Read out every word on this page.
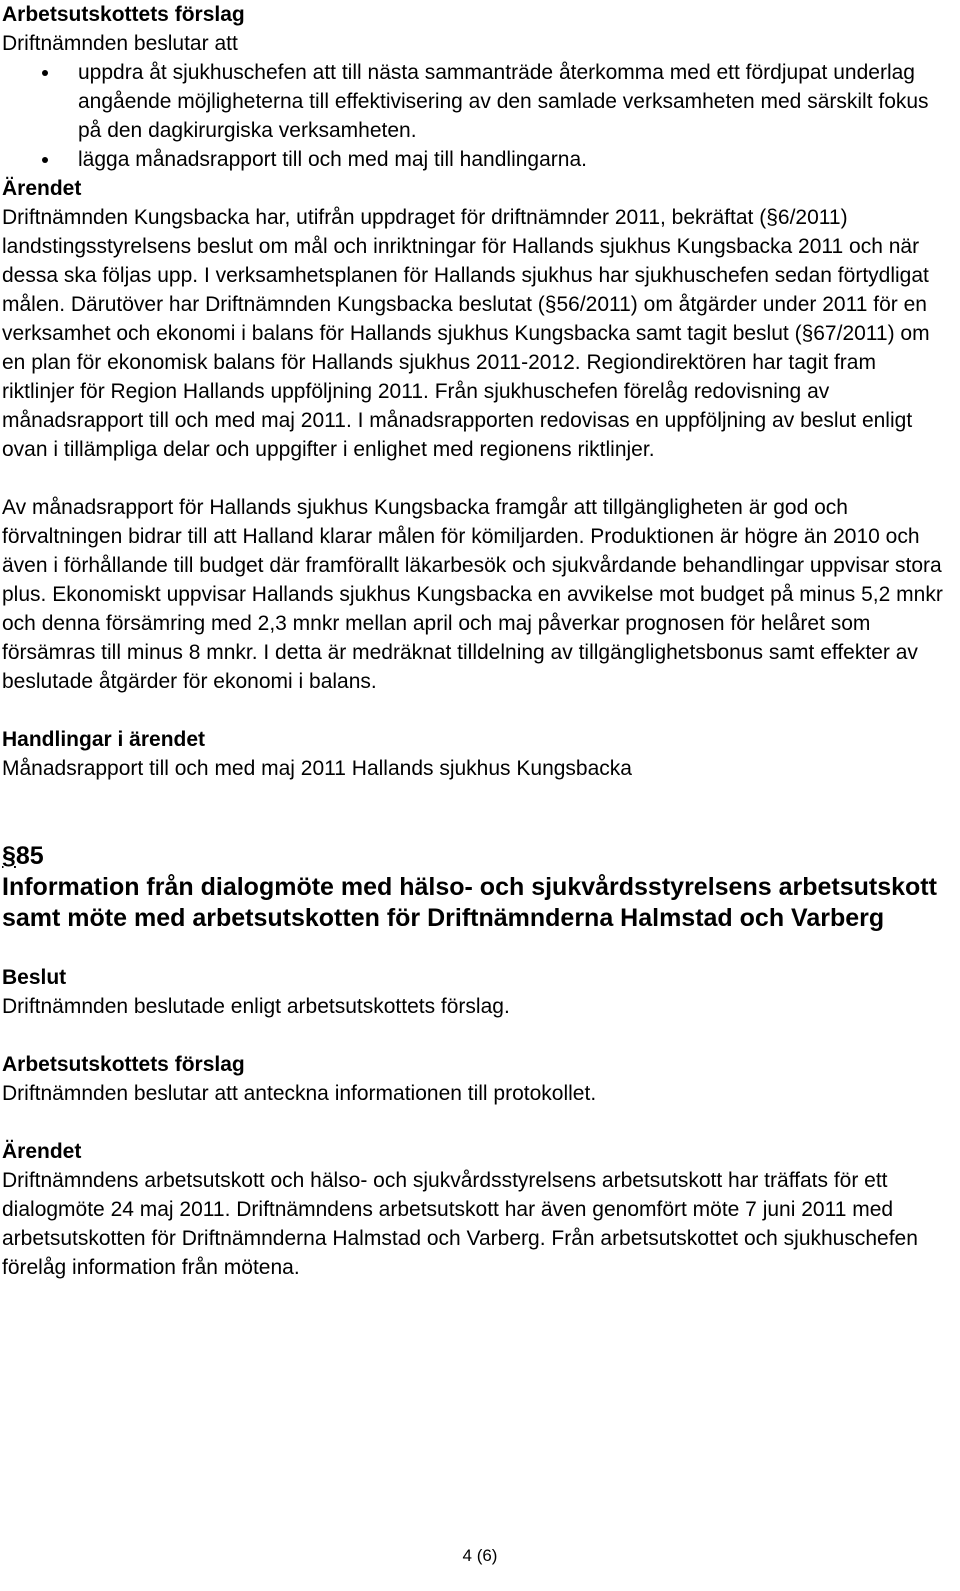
Arbetsutskottets förslag

Driftnämnden beslutar att

uppdra åt sjukhuschefen att till nästa sammanträde återkomma med ett fördjupat underlag angående möjligheterna till effektivisering av den samlade verksamheten med särskilt fokus på den dagkirurgiska verksamheten.
lägga månadsrapport till och med maj till handlingarna.
Ärendet

Driftnämnden Kungsbacka har, utifrån uppdraget för driftnämnder 2011, bekräftat (§6/2011) landstingsstyrelsens beslut om mål och inriktningar för Hallands sjukhus Kungsbacka 2011 och när dessa ska följas upp. I verksamhetsplanen för Hallands sjukhus har sjukhuschefen sedan förtydligat målen. Därutöver har Driftnämnden Kungsbacka beslutat (§56/2011) om åtgärder under 2011 för en verksamhet och ekonomi i balans för Hallands sjukhus Kungsbacka samt tagit beslut (§67/2011) om en plan för ekonomisk balans för Hallands sjukhus 2011-2012. Regiondirektören har tagit fram riktlinjer för Region Hallands uppföljning 2011. Från sjukhuschefen förelåg redovisning av månadsrapport till och med maj 2011. I månadsrapporten redovisas en uppföljning av beslut enligt ovan i tillämpliga delar och uppgifter i enlighet med regionens riktlinjer.

Av månadsrapport för Hallands sjukhus Kungsbacka framgår att tillgängligheten är god och förvaltningen bidrar till att Halland klarar målen för kömiljarden. Produktionen är högre än 2010 och även i förhållande till budget där framförallt läkarbesök och sjukvårdande behandlingar uppvisar stora plus. Ekonomiskt uppvisar Hallands sjukhus Kungsbacka en avvikelse mot budget på minus 5,2 mnkr och denna försämring med 2,3 mnkr mellan april och maj påverkar prognosen för helåret som försämras till minus 8 mnkr. I detta är medräknat tilldelning av tillgänglighetsbonus samt effekter av beslutade åtgärder för ekonomi i balans.

Handlingar i ärendet

Månadsrapport till och med maj 2011 Hallands sjukhus Kungsbacka

§85
Information från dialogmöte med hälso- och sjukvårdsstyrelsens arbetsutskott samt möte med arbetsutskotten för Driftnämnderna Halmstad och Varberg
Beslut

Driftnämnden beslutade enligt arbetsutskottets förslag.

Arbetsutskottets förslag

Driftnämnden beslutar att anteckna informationen till protokollet.

Ärendet

Driftnämndens arbetsutskott och hälso- och sjukvårdsstyrelsens arbetsutskott har träffats för ett dialogmöte 24 maj 2011. Driftnämndens arbetsutskott har även genomfört möte 7 juni 2011 med arbetsutskotten för Driftnämnderna Halmstad och Varberg. Från arbetsutskottet och sjukhuschefen förelåg information från mötena.

4 (6)
